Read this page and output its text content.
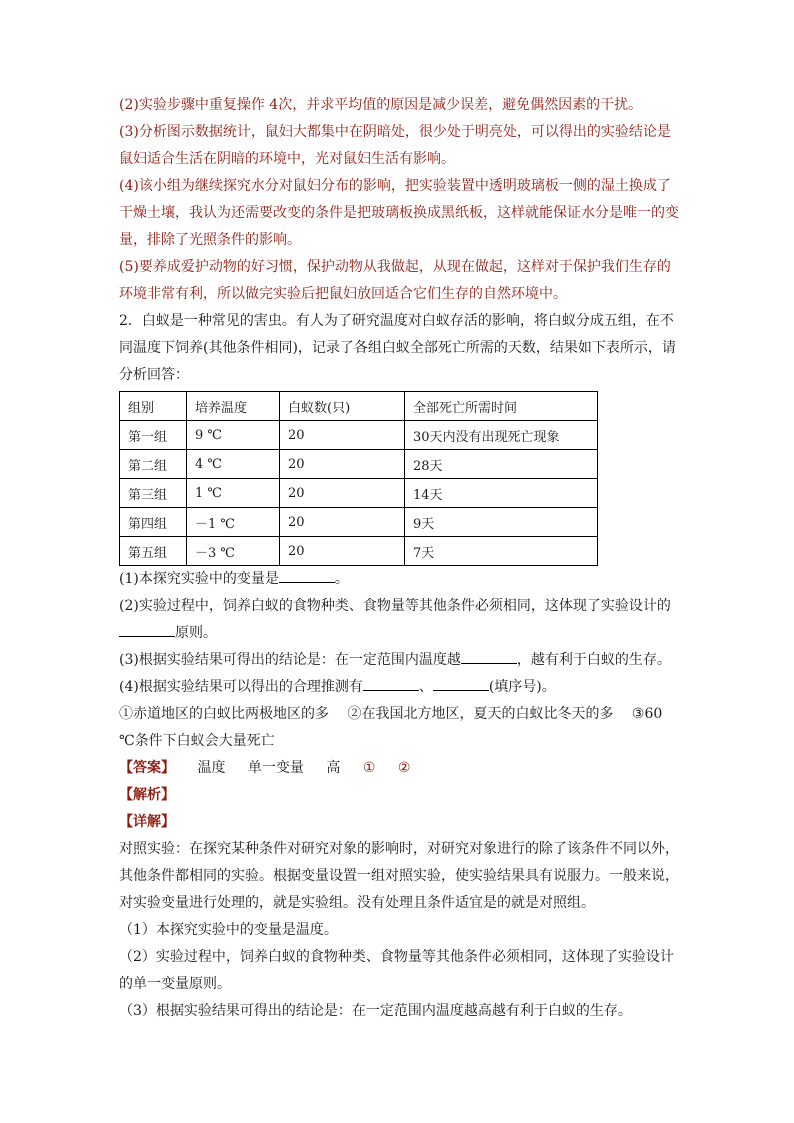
(2)实验步骤中重复操作 4次，并求平均值的原因是减少误差，避免偶然因素的干扰。

(3)分析图示数据统计，鼠妇大都集中在阴暗处，很少处于明亮处，可以得出的实验结论是

鼠妇适合生活在阴暗的环境中，光对鼠妇生活有影响。

(4)该小组为继续探究水分对鼠妇分布的影响，把实验装置中透明玻璃板一侧的湿土换成了

干燥土壤，我认为还需要改变的条件是把玻璃板换成黑纸板，这样就能保证水分是唯一的变

量，排除了光照条件的影响。

(5)要养成爱护动物的好习惯，保护动物从我做起，从现在做起，这样对于保护我们生存的

环境非常有利，所以做完实验后把鼠妇放回适合它们生存的自然环境中。

2．白蚁是一种常见的害虫。有人为了研究温度对白蚁存活的影响，将白蚁分成五组，在不

同温度下饲养(其他条件相同)，记录了各组白蚁全部死亡所需的天数，结果如下表所示，请

分析回答：

组别	培养温度	白蚁数(只)	全部死亡所需时间
第一组	9 ℃	20	30天内没有出现死亡现象
第二组	4 ℃	20	28天
第三组	1 ℃	20	14天
第四组	－1 ℃	20	9天
第五组	－3 ℃	20	7天

(1)本探究实验中的变量是	。

(2)实验过程中，饲养白蚁的食物种类、食物量等其他条件必须相同，这体现了实验设计的

原则。

(3)根据实验结果可得出的结论是：在一定范围内温度越	，越有利于白蚁的生存。

(4)根据实验结果可以得出的合理推测有	、	(填序号)。

①赤道地区的白蚁比两极地区的多 ②在我国北方地区，夏天的白蚁比冬天的多 ③60

℃条件下白蚁会大量死亡

【答案】 温度 单一变量 高 ① ②

【解析】

【详解】

对照实验：在探究某种条件对研究对象的影响时，对研究对象进行的除了该条件不同以外，

其他条件都相同的实验。根据变量设置一组对照实验，使实验结果具有说服力。一般来说，

对实验变量进行处理的，就是实验组。没有处理且条件适宜是的就是对照组。

（1）本探究实验中的变量是温度。

（2）实验过程中，饲养白蚁的食物种类、食物量等其他条件必须相同，这体现了实验设计

的单一变量原则。

（3）根据实验结果可得出的结论是：在一定范围内温度越高越有利于白蚁的生存。
